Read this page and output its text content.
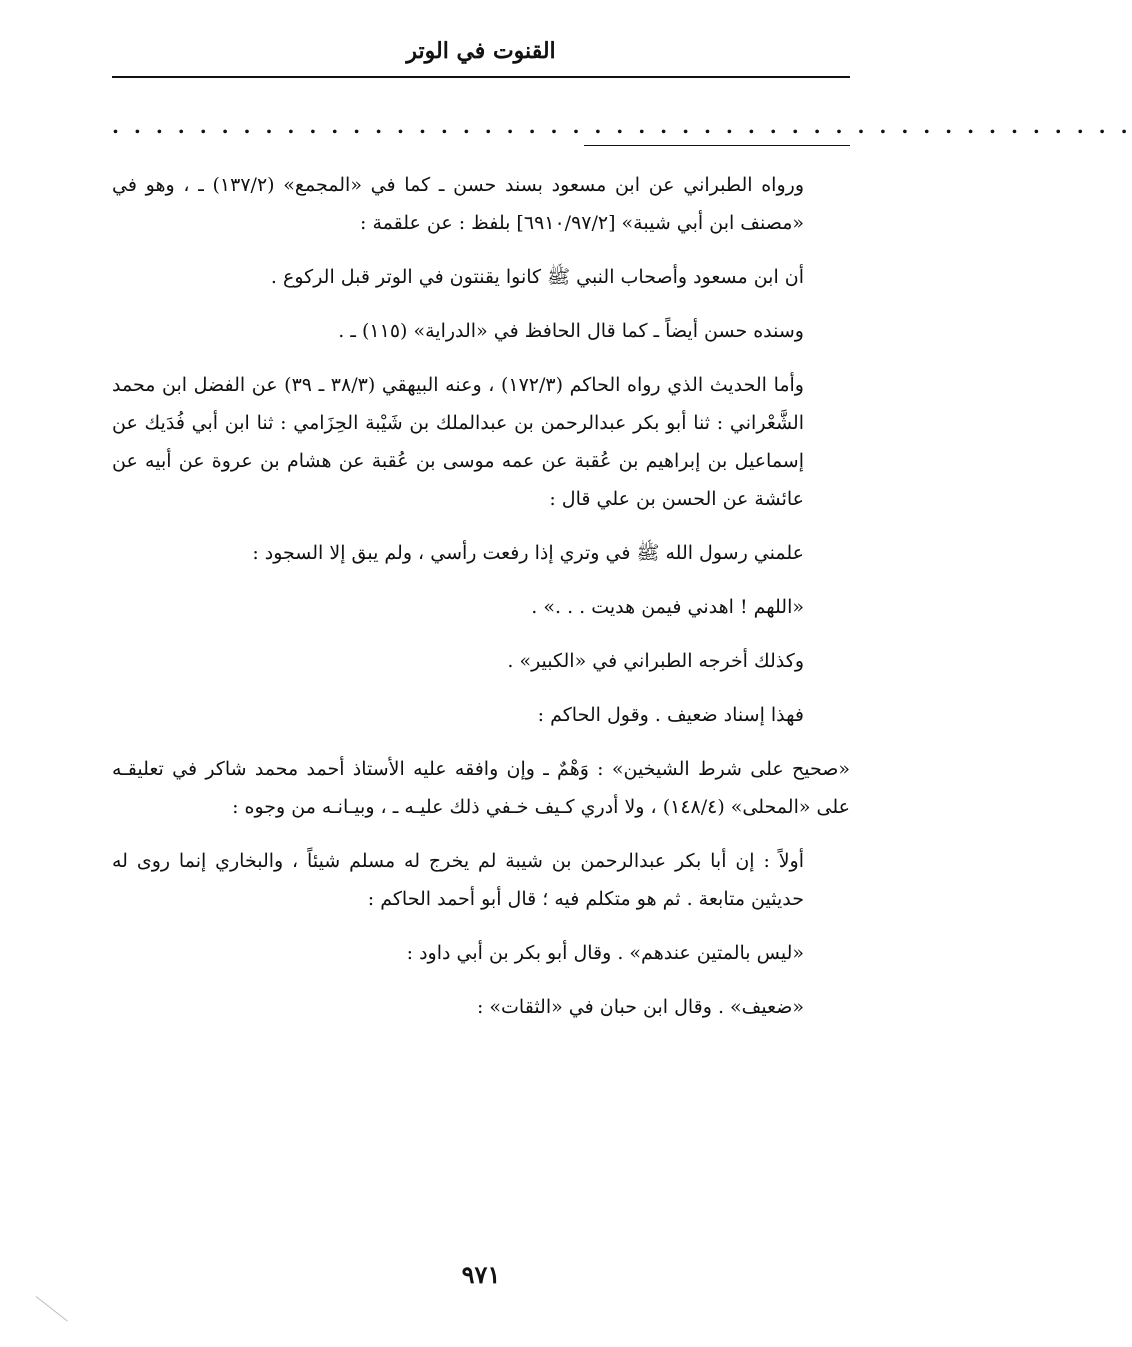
القنوت في الوتر
. . . . . . . . . . . . . . . . . . . . . . . . . . . . . . . . . . . . . . . . . . . . . . .

ورواه الطبراني عن ابن مسعود بسند حسن ـ كما في «المجمع» (١٣٧/٢) ـ ، وهو في «مصنف ابن أبي شيبة» [٦٩١٠/٩٧/٢] بلفظ : عن علقمة :

أن ابن مسعود وأصحاب النبي ﷺ كانوا يقنتون في الوتر قبل الركوع .

وسنده حسن أيضاً ـ كما قال الحافظ في «الدراية» (١١٥) ـ .

وأما الحديث الذي رواه الحاكم (١٧٢/٣) ، وعنه البيهقي (٣٨/٣ ـ ٣٩) عن الفضل ابن محمد الشَّعْراني : ثنا أبو بكر عبدالرحمن بن عبدالملك بن شَيْبة الحِزَامي : ثنا ابن أبي فُدَيك عن إسماعيل بن إبراهيم بن عُقبة عن عمه موسى بن عُقبة عن هشام بن عروة عن أبيه عن عائشة عن الحسن بن علي قال :

علمني رسول الله ﷺ في وتري إذا رفعت رأسي ، ولم يبق إلا السجود :

«اللهم ! اهدني فيمن هديت . . .» .

وكذلك أخرجه الطبراني في «الكبير» .

فهذا إسناد ضعيف . وقول الحاكم :

«صحيح على شرط الشيخين» : وَهْمٌ ـ وإن وافقه عليه الأستاذ أحمد محمد شاكر في تعليقـه على «المحلى» (١٤٨/٤) ، ولا أدري كـيف خـفي ذلك عليـه ـ ، وبيـانـه من وجوه :

أولاً : إن أبا بكر عبدالرحمن بن شيبة لم يخرج له مسلم شيئاً ، والبخاري إنما روى له حديثين متابعة . ثم هو متكلم فيه ؛ قال أبو أحمد الحاكم :

«ليس بالمتين عندهم» . وقال أبو بكر بن أبي داود :

«ضعيف» . وقال ابن حبان في «الثقات» :

٩٧١
